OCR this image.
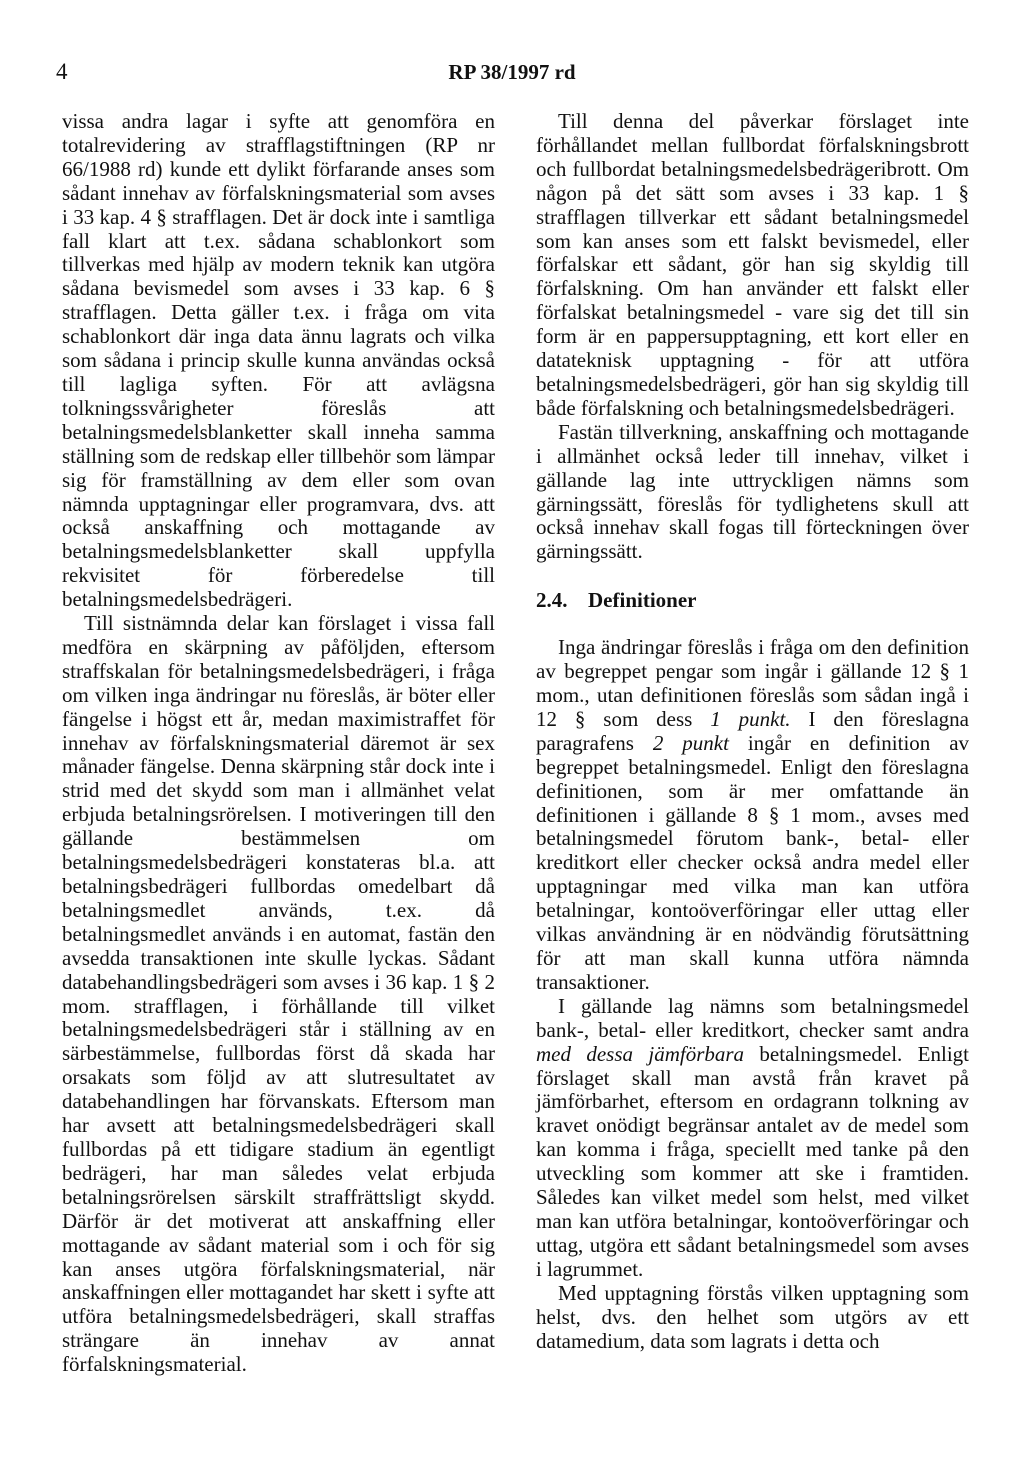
4	RP 38/1997 rd

vissa andra lagar i syfte att genomföra en totalrevidering av strafflagstiftningen (RP nr 66/1988 rd) kunde ett dylikt förfarande anses som sådant innehav av förfalskningsmaterial som avses i 33 kap. 4 § strafflagen. Det är dock inte i samtliga fall klart att t.ex. sådana schablonkort som tillverkas med hjälp av modern teknik kan utgöra sådana bevismedel som avses i 33 kap. 6 § strafflagen. Detta gäller t.ex. i fråga om vita schablonkort där inga data ännu lagrats och vilka som sådana i princip skulle kunna användas också till lagliga syften. För att avlägsna tolkningssvårigheter föreslås att betalningsmedelsblanketter skall inneha samma ställning som de redskap eller tillbehör som lämpar sig för framställning av dem eller som ovan nämnda upptagningar eller programvara, dvs. att också anskaffning och mottagande av betalningsmedelsblanketter skall uppfylla rekvisitet för förberedelse till betalningsmedelsbedrägeri.

Till sistnämnda delar kan förslaget i vissa fall medföra en skärpning av påföljden, eftersom straffskalan för betalningsmedelsbedrägeri, i fråga om vilken inga ändringar nu föreslås, är böter eller fängelse i högst ett år, medan maximistraffet för innehav av förfalskningsmaterial däremot är sex månader fängelse. Denna skärpning står dock inte i strid med det skydd som man i allmänhet velat erbjuda betalningsrörelsen. I motiveringen till den gällande bestämmelsen om betalningsmedelsbedrägeri konstateras bl.a. att betalningsbedrägeri fullbordas omedelbart då betalningsmedlet används, t.ex. då betalningsmedlet används i en automat, fastän den avsedda transaktionen inte skulle lyckas. Sådant databehandlingsbedrägeri som avses i 36 kap. 1 § 2 mom. strafflagen, i förhållande till vilket betalningsmedelsbedrägeri står i ställning av en särbestämmelse, fullbordas först då skada har orsakats som följd av att slutresultatet av databehandlingen har förvanskats. Eftersom man har avsett att betalningsmedelsbedrägeri skall fullbordas på ett tidigare stadium än egentligt bedrägeri, har man således velat erbjuda betalningsrörelsen särskilt straffrättsligt skydd. Därför är det motiverat att anskaffning eller mottagande av sådant material som i och för sig kan anses utgöra förfalskningsmaterial, när anskaffningen eller mottagandet har skett i syfte att utföra betalningsmedelsbedrägeri, skall straffas strängare än innehav av annat förfalskningsmaterial.

Till denna del påverkar förslaget inte förhållandet mellan fullbordat förfalskningsbrott och fullbordat betalningsmedelsbedrägeribrott. Om någon på det sätt som avses i 33 kap. 1 § strafflagen tillverkar ett sådant betalningsmedel som kan anses som ett falskt bevismedel, eller förfalskar ett sådant, gör han sig skyldig till förfalskning. Om han använder ett falskt eller förfalskat betalningsmedel - vare sig det till sin form är en pappersupptagning, ett kort eller en datateknisk upptagning - för att utföra betalningsmedelsbedrägeri, gör han sig skyldig till både förfalskning och betalningsmedelsbedrägeri.

Fastän tillverkning, anskaffning och mottagande i allmänhet också leder till innehav, vilket i gällande lag inte uttryckligen nämns som gärningssätt, föreslås för tydlighetens skull att också innehav skall fogas till förteckningen över gärningssätt.

2.4. Definitioner

Inga ändringar föreslås i fråga om den definition av begreppet pengar som ingår i gällande 12 § 1 mom., utan definitionen föreslås som sådan ingå i 12 § som dess 1 punkt. I den föreslagna paragrafens 2 punkt ingår en definition av begreppet betalningsmedel. Enligt den föreslagna definitionen, som är mer omfattande än definitionen i gällande 8 § 1 mom., avses med betalningsmedel förutom bank-, betal- eller kreditkort eller checker också andra medel eller upptagningar med vilka man kan utföra betalningar, kontoöverföringar eller uttag eller vilkas användning är en nödvändig förutsättning för att man skall kunna utföra nämnda transaktioner.

I gällande lag nämns som betalningsmedel bank-, betal- eller kreditkort, checker samt andra med dessa jämförbara betalningsmedel. Enligt förslaget skall man avstå från kravet på jämförbarhet, eftersom en ordagrann tolkning av kravet onödigt begränsar antalet av de medel som kan komma i fråga, speciellt med tanke på den utveckling som kommer att ske i framtiden. Således kan vilket medel som helst, med vilket man kan utföra betalningar, kontoöverföringar och uttag, utgöra ett sådant betalningsmedel som avses i lagrummet.

Med upptagning förstås vilken upptagning som helst, dvs. den helhet som utgörs av ett datamedium, data som lagrats i detta och
